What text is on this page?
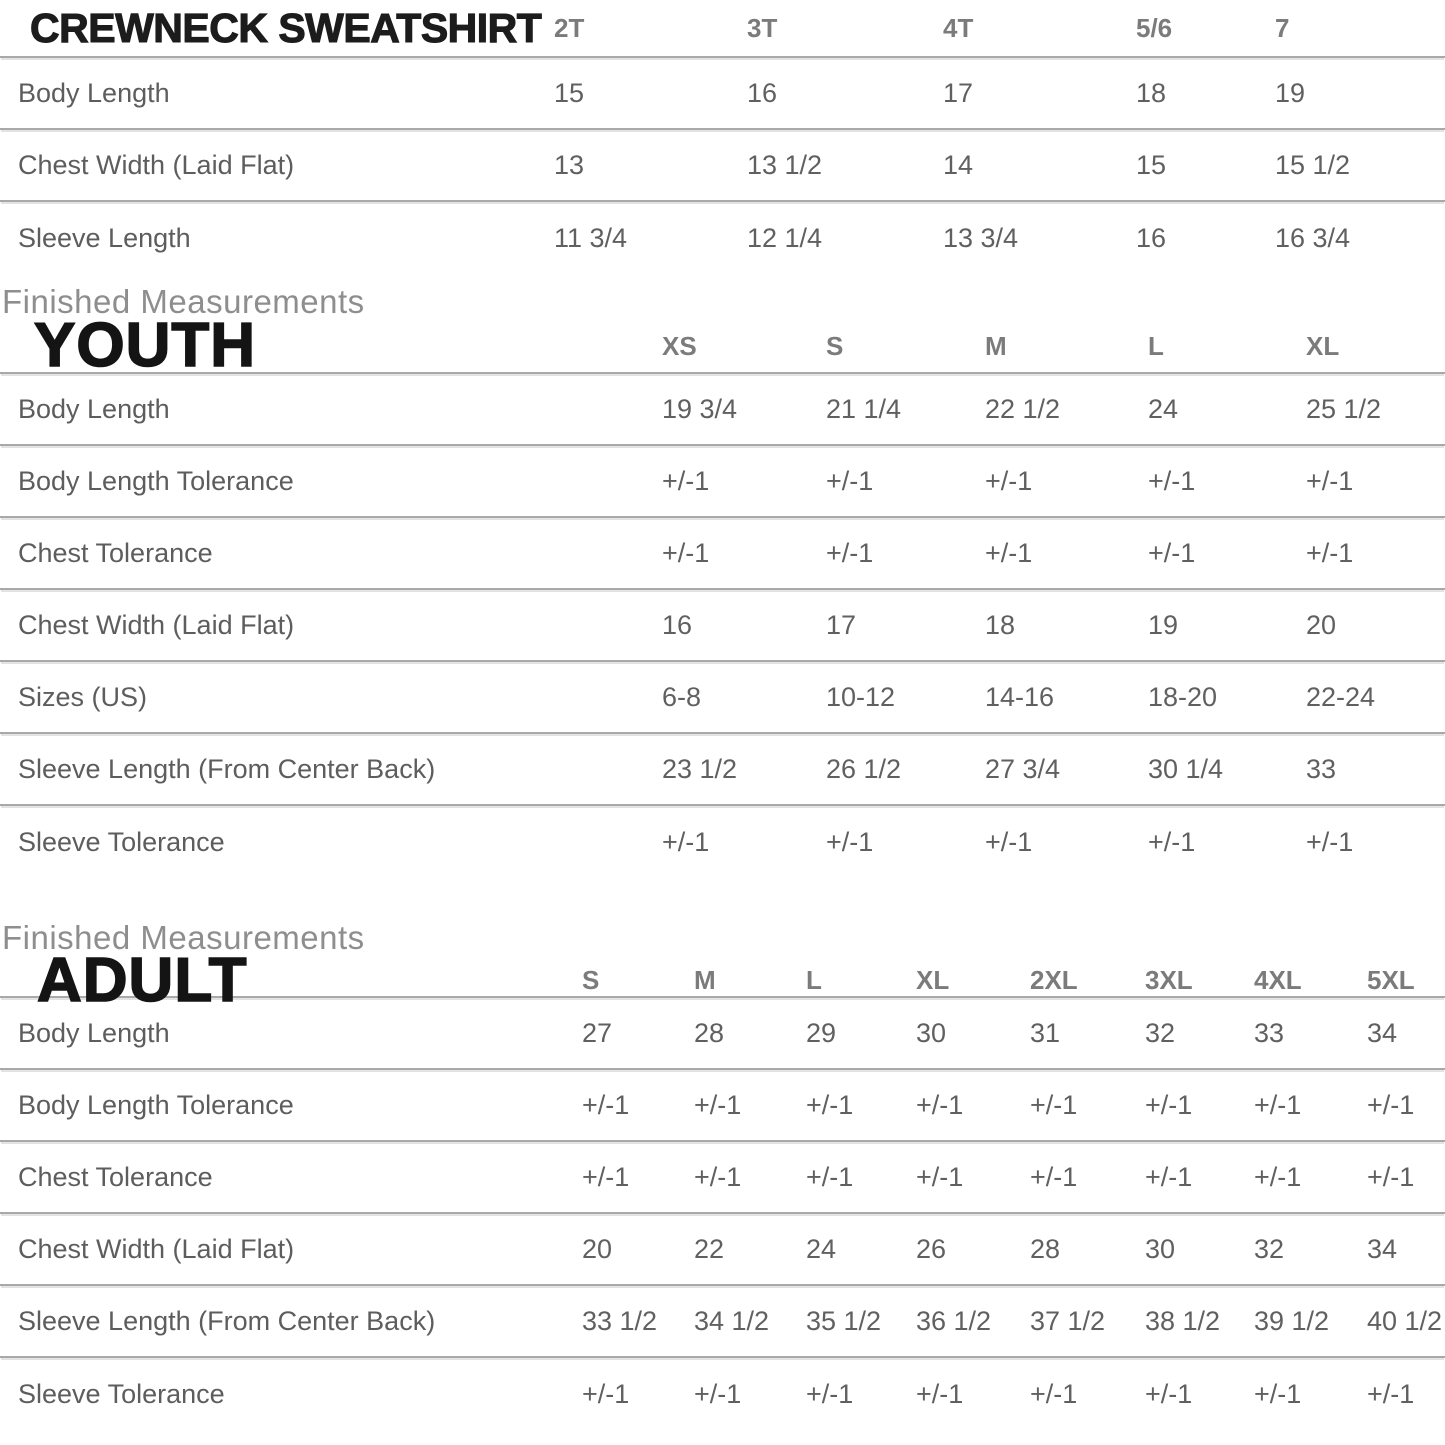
CREWNECK SWEATSHIRT 2T	3T	4T	5/6	7
Body Length	15	16	17	18	19
Chest Width (Laid Flat)	13	13 1/2	14	15	15 1/2
Sleeve Length	11 3/4	12 1/4	13 3/4	16	16 3/4
Finished Measurements
YOUTH	XS	S	M	L	XL
Body Length	19 3/4	21 1/4	22 1/2	24	25 1/2
Body Length Tolerance	+/-1	+/-1	+/-1	+/-1	+/-1
Chest Tolerance	+/-1	+/-1	+/-1	+/-1	+/-1
Chest Width (Laid Flat)	16	17	18	19	20
Sizes (US)	6-8	10-12	14-16	18-20	22-24
Sleeve Length (From Center Back)	23 1/2	26 1/2	27 3/4	30 1/4	33
Sleeve Tolerance	+/-1	+/-1	+/-1	+/-1	+/-1
Finished Measurements
ADULT	S	M	L	XL	2XL	3XL	4XL	5XL
Body Length	27	28	29	30	31	32	33	34
Body Length Tolerance	+/-1	+/-1	+/-1	+/-1	+/-1	+/-1	+/-1	+/-1
Chest Tolerance	+/-1	+/-1	+/-1	+/-1	+/-1	+/-1	+/-1	+/-1
Chest Width (Laid Flat)	20	22	24	26	28	30	32	34
Sleeve Length (From Center Back)	33 1/2	34 1/2	35 1/2	36 1/2	37 1/2	38 1/2	39 1/2	40 1/2
Sleeve Tolerance	+/-1	+/-1	+/-1	+/-1	+/-1	+/-1	+/-1	+/-1
